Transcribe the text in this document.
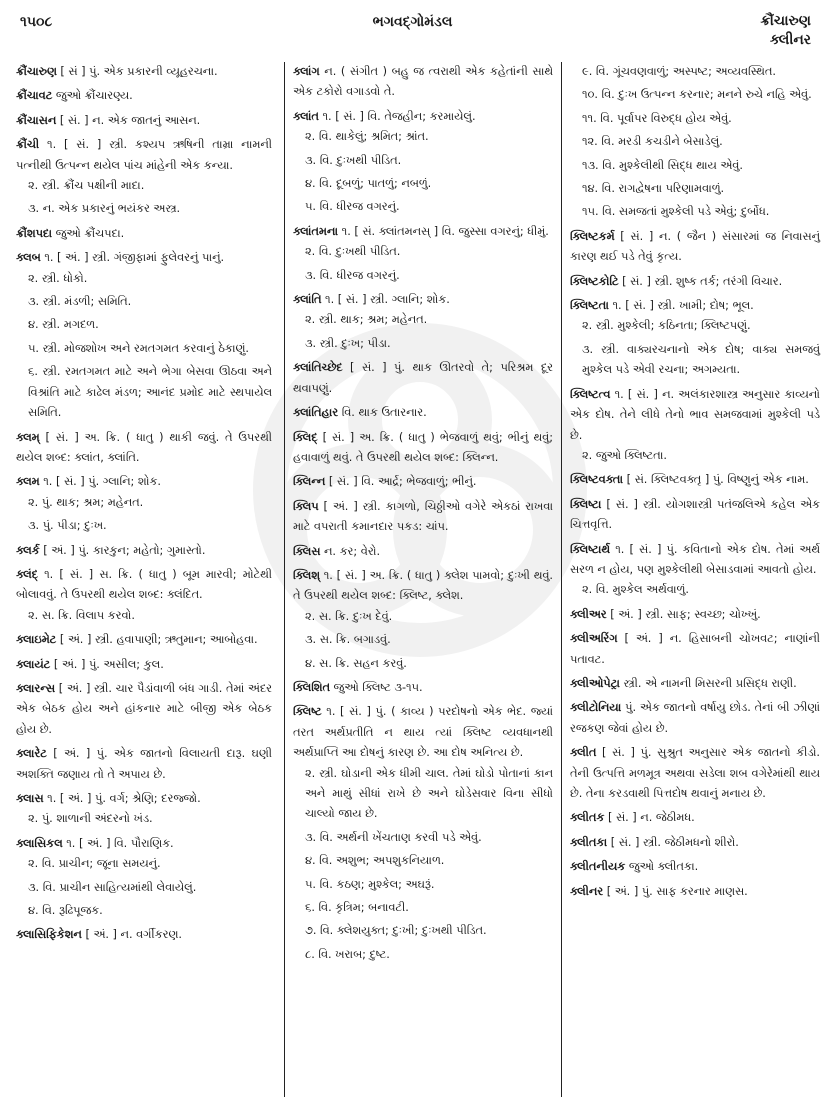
૧૫૦૮	ભગવદ્ગોમંડલ	ક્રૌંચારુણ
ક્લીનર
ક્રૌંચારુણ [ સં ] પું. એક પ્રકારની વ્યૂહરચના.
ક્રૌંચાવટ જુઓ ક્રૌંચારણ્ય.
ક્રૌંચાસન [ સં. ] ન. એક જાતનું આસન.
ક્રૌંચી ૧. [ સં. ] સ્ત્રી. કશ્યપ ઋષિની તામ્રા નામની પત્નીથી ઉત્પન્ન થયેલ પાંચ માંહેની એક કન્યા.
૨. સ્ત્રી. ક્રૌંચ પક્ષીની માદા.
૩. ન. એક પ્રકારનું ભયંકર અસ્ત્ર.
ક્રૌંશપદા જુઓ ક્રૌંચપદા.
ક્લબ ૧. [ અં. ] સ્ત્રી. ગંજીફામાં ફુલેવરનું પાનું.
૨. સ્ત્રી. ધોકો.
૩. સ્ત્રી. મંડળી; સમિતિ.
૪. સ્ત્રી. મગદળ.
૫. સ્ત્રી. મોજશોખ અને રમતગમત કરવાનું ઠેકાણું.
૬. સ્ત્રી. રમતગમત માટે અને ભેગા બેસવા ઊઠવા અને વિશ્રાંતિ માટે કાઢેલ મંડળ; આનંદ પ્રમોદ માટે સ્થપાયેલ સમિતિ.
ક્લમ્ [ સં. ] અ. ક્રિ. ( ધાતુ ) થાકી જવું. તે ઉપરથી થયેલ શબ્દ: ક્લાંત, ક્લાંતિ.
ક્લમ ૧. [ સં. ] પું. ગ્લાનિ; શોક.
૨. પું. થાક; શ્રમ; મહેનત.
૩. પું. પીડા; દુઃખ.
ક્લર્ક [ અં. ] પું. કારકુન; મહેતો; ગુમાસ્તો.
ક્લંદ્ ૧. [ સં. ] સ. ક્રિ. ( ધાતુ ) બૂમ મારવી; મોટેથી બોલાવવું. તે ઉપરથી થયેલ શબ્દ: ક્લંદિત.
૨. સ. ક્રિ. વિલાપ કરવો.
ક્લાઇમેટ [ અં. ] સ્ત્રી. હવાપાણી; ઋતુમાન; આબોહવા.
ક્લાયંટ [ અં. ] પું. અસીલ; કુલ.
ક્લારન્સ [ અં. ] સ્ત્રી. ચાર પૈડાંવાળી બંધ ગાડી. તેમાં અંદર એક બેઠક હોય અને હાંકનાર માટે બીજી એક બેઠક હોય છે.
ક્લારેટ [ અં. ] પું. એક જાતનો વિલાયતી દારૂ. ઘણી અશક્તિ જણાય તો તે અપાય છે.
ક્લાસ ૧. [ અં. ] પું. વર્ગ; શ્રેણિ; દરજ્જો.
૨. પું. શાળાની અંદરનો ખંડ.
ક્લાસિકલ ૧. [ અં. ] વિ. પૌરાણિક.
૨. વિ. પ્રાચીન; જૂના સમયનું.
૩. વિ. પ્રાચીન સાહિત્યમાંથી લેવાયેલું.
૪. વિ. રૂઢિપૂજક.
ક્લાસિફિકેશન [ અં. ] ન. વર્ગીકરણ.
ક્લાંગ ન. ( સંગીત ) બહુ જ ત્વરાથી એક કહેતાંની સાથે એક ટકોરો વગાડવો તે.
ક્લાંત ૧. [ સં. ] વિ. તેજહીન; કરમાયેલું.
૨. વિ. થાકેલું; શ્રમિત; શ્રાંત.
૩. વિ. દુઃખથી પીડિત.
૪. વિ. દૂબળું; પાતળું; નબળું.
૫. વિ. ધીરજ વગરનું.
ક્લાંતમના ૧. [ સં. ક્લાંતમનસ્ ] વિ. જુસ્સા વગરનું; ધીમું.
૨. વિ. દુઃખથી પીડિત.
૩. વિ. ધીરજ વગરનું.
ક્લાંતિ ૧. [ સં. ] સ્ત્રી. ગ્લાનિ; શોક.
૨. સ્ત્રી. થાક; શ્રમ; મહેનત.
૩. સ્ત્રી. દુઃખ; પીડા.
ક્લાંતિચ્છેદ [ સં. ] પું. થાક ઊતરવો તે; પરિશ્રમ દૂર થવાપણું.
ક્લાંતિહાર વિ. થાક ઉતારનાર.
ક્લિદ્ [ સં. ] અ. ક્રિ. ( ધાતુ ) ભેજવાળું થવું; ભીનું થવું; હવાવાળું થવું. તે ઉપરથી થયેલ શબ્દ: ક્લિન્ન.
ક્લિન્ન [ સં. ] વિ. આર્દ્ર; ભેજવાળું; ભીનું.
ક્લિપ [ અં. ] સ્ત્રી. કાગળો, ચિઠ્ઠીઓ વગેરે એકઠાં રાખવા માટે વપરાતી કમાનદાર પકડ: ચાંપ.
ક્લિસ ન. કર; વેરો.
ક્લિશ્ ૧. [ સં. ] અ. ક્રિ. ( ધાતુ ) ક્લેશ પામવો; દુઃખી થવું. તે ઉપરથી થયેલ શબ્દ: ક્લિષ્ટ, ક્લેશ.
૨. સ. ક્રિ. દુઃખ દેવું.
૩. સ. ક્રિ. બગાડવું.
૪. સ. ક્રિ. સહન કરવું.
ક્લિશિત જુઓ ક્લિષ્ટ ૩-૧૫.
ક્લિષ્ટ ૧. [ સં. ] પું. ( કાવ્ય ) પરદોષનો એક ભેદ. જ્યાં તરત અર્થપ્રતીતિ ન થાય ત્યાં ક્લિષ્ટ વ્યવધાનથી અર્થપ્રાપ્તિ આ દોષનું કારણ છે. આ દોષ અનિત્ય છે.
૨. સ્ત્રી. ઘોડાની એક ધીમી ચાલ. તેમાં ઘોડો પોતાનાં કાન અને માથું સીધાં રાખે છે અને ઘોડેસવાર વિના સીધો ચાલ્યો જાય છે.
૩. વિ. અર્થની ખેંચતાણ કરવી પડે એવું.
૪. વિ. અશુભ; અપશુકનિયાળ.
૫. વિ. કઠણ; મુશ્કેલ; અઘરૂં.
૬. વિ. કૃત્રિમ; બનાવટી.
૭. વિ. ક્લેશયુક્ત; દુઃખી; દુઃખથી પીડિત.
૮. વિ. ખરાબ; દુષ્ટ.
૯. વિ. ગૂંચવણવાળું; અસ્પષ્ટ; અવ્યવસ્થિત.
૧૦. વિ. દુઃખ ઉત્પન્ન કરનાર; મનને રુચે નહિ એવું.
૧૧. વિ. પૂર્વાપર વિરુદ્ધ હોય એવું.
૧૨. વિ. મરડી કચડીને બેસાડેલું.
૧૩. વિ. મુશ્કેલીથી સિદ્ધ થાય એવું.
૧૪. વિ. રાગદ્વેષના પરિણામવાળું.
૧૫. વિ. સમજતાં મુશ્કેલી પડે એવું; દુર્બોધ.
ક્લિષ્ટકર્મ [ સં. ] ન. ( જૈન ) સંસારમાં જ નિવાસનું કારણ થઈ પડે તેવું કૃત્ય.
ક્લિષ્ટકોટિ [ સં. ] સ્ત્રી. શુષ્ક તર્ક; તરંગી વિચાર.
ક્લિષ્ટતા ૧. [ સં. ] સ્ત્રી. ખામી; દોષ; ભૂલ.
૨. સ્ત્રી. મુશ્કેલી; કઠિનતા; ક્લિષ્ટપણું.
૩. સ્ત્રી. વાક્યરચનાનો એક દોષ; વાક્ય સમજવું મુશ્કેલ પડે એવી રચના; અગમ્યતા.
ક્લિષ્ટત્વ ૧. [ સં. ] ન. અલંકારશાસ્ત્ર અનુસાર કાવ્યનો એક દોષ. તેને લીધે તેનો ભાવ સમજવામાં મુશ્કેલી પડે છે.
૨. જુઓ ક્લિષ્ટતા.
ક્લિષ્ટવક્તા [ સં. ક્લિષ્ટવક્તૃ ] પું. વિષ્ણુનું એક નામ.
ક્લિષ્ટા [ સં. ] સ્ત્રી. યોગશાસ્ત્રી પતંજલિએ કહેલ એક ચિત્તવૃત્તિ.
ક્લિષ્ટાર્થ ૧. [ સં. ] પું. કવિતાનો એક દોષ. તેમાં અર્થ સરળ ન હોય, પણ મુશ્કેલીથી બેસાડવામાં આવતો હોય.
૨. વિ. મુશ્કેલ અર્થવાળું.
ક્લીઅર [ અં. ] સ્ત્રી. સાફ; સ્વચ્છ; ચોખ્ખું.
ક્લીઅરિંગ [ અં. ] ન. હિસાબની ચોખવટ; નાણાંની પતાવટ.
ક્લીઓપેટ્રા સ્ત્રી. એ નામની મિસરની પ્રસિદ્ધ રાણી.
ક્લીટોનિયા પું. એક જાતનો વર્ષાયુ છોડ. તેનાં બી ઝીણાં રજકણ જેવાં હોય છે.
ક્લીત [ સં. ] પું. સુશ્રુત અનુસાર એક જાતનો કીડો. તેની ઉત્પત્તિ મળમૂત્ર અથવા સડેલા શબ વગેરેમાંથી થાય છે. તેના કરડવાથી પિત્તદોષ થવાનું મનાય છે.
ક્લીતક [ સં. ] ન. જેઠીમધ.
ક્લીતકા [ સં. ] સ્ત્રી. જેઠીમધનો શીરો.
ક્લીતનીયક જુઓ ક્લીતકા.
ક્લીનર [ અં. ] પું. સાફ કરનાર માણસ.
